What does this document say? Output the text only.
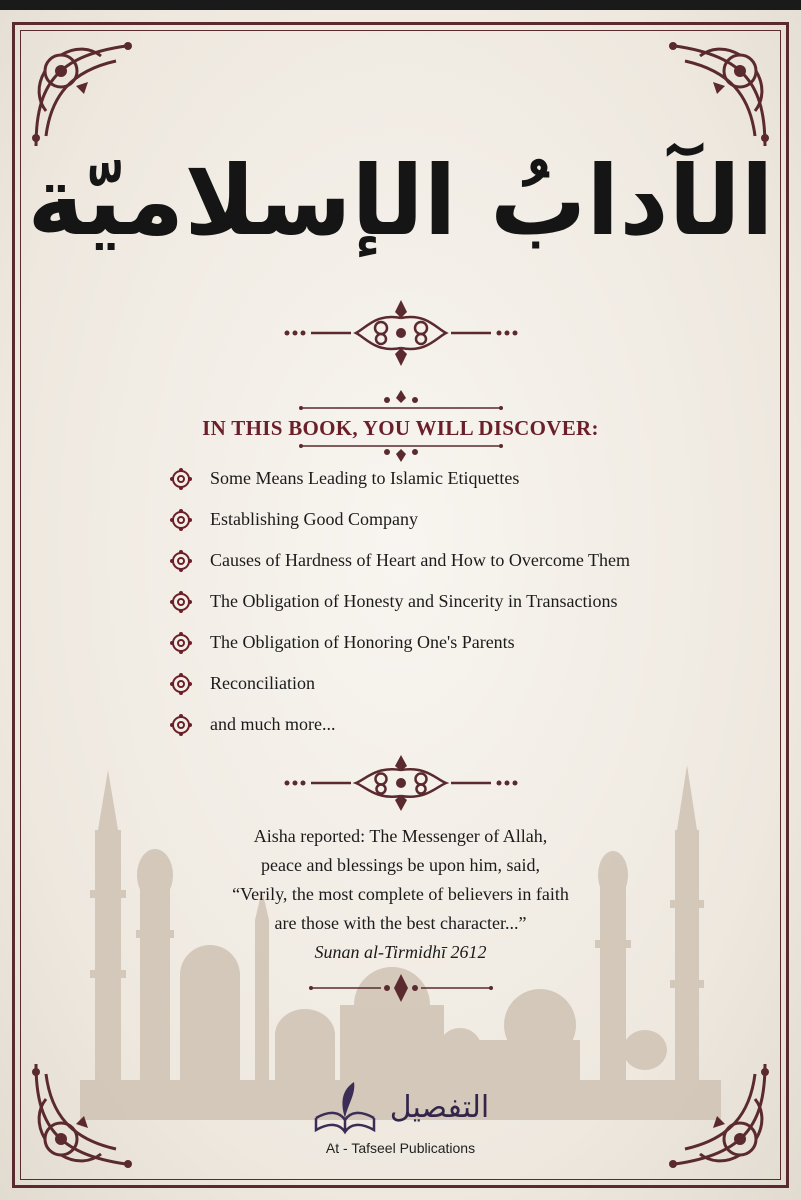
الآدابُ الإسلاميّة
IN THIS BOOK, YOU WILL DISCOVER:
Some Means Leading to Islamic Etiquettes
Establishing Good Company
Causes of Hardness of Heart and How to Overcome Them
The Obligation of Honesty and Sincerity in Transactions
The Obligation of Honoring One's Parents
Reconciliation
and much more...
Aisha reported: The Messenger of Allah,
peace and blessings be upon him, said,
“Verily, the most complete of believers in faith
are those with the best character...”
Sunan al-Tirmidhī 2612
التفصيل
At - Tafseel Publications
